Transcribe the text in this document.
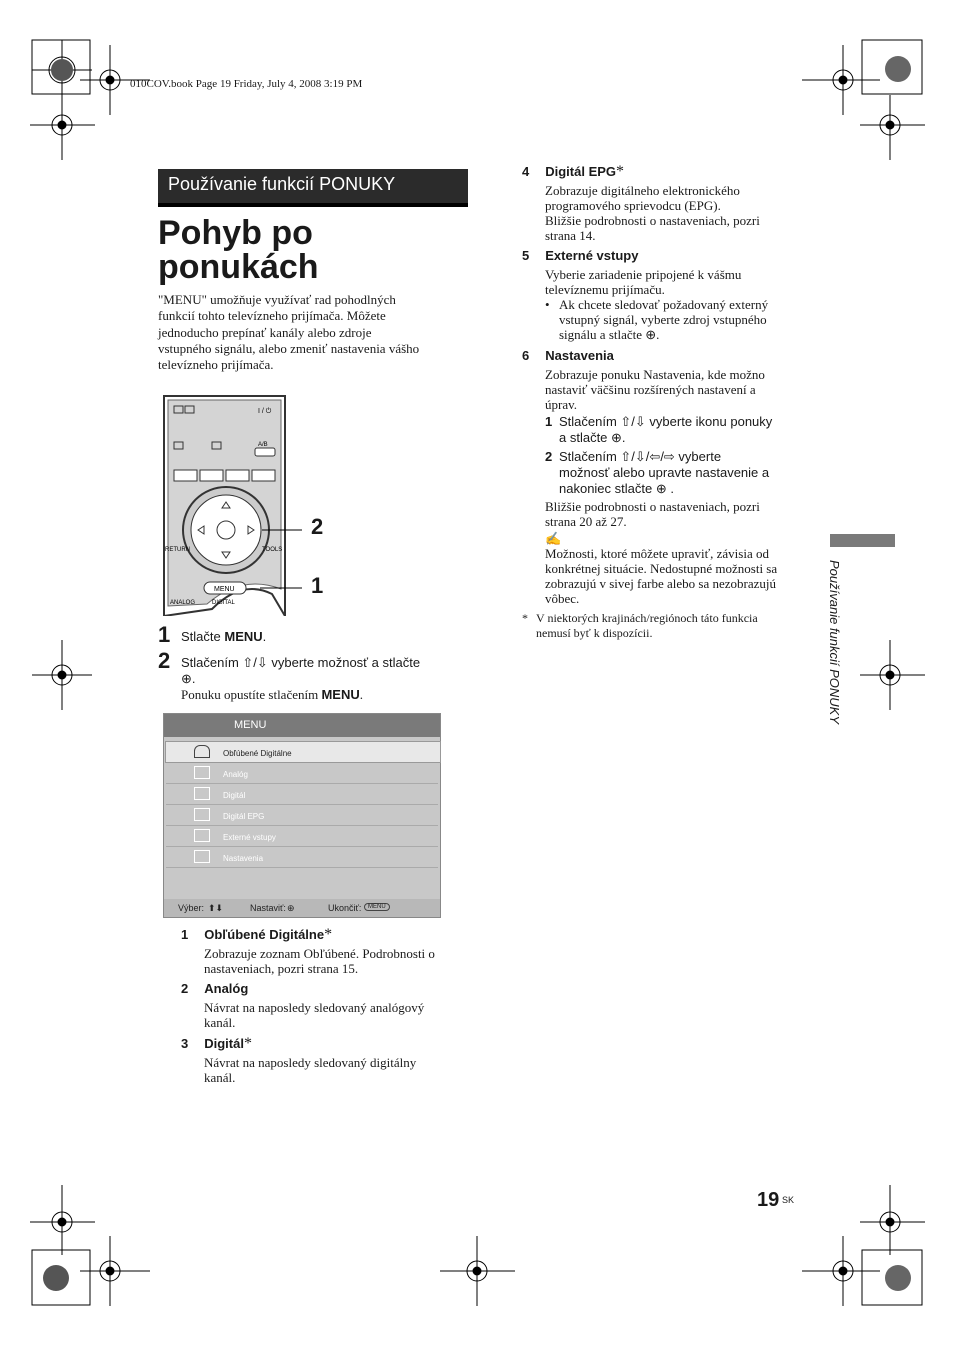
010COV.book Page 19 Friday, July 4, 2008 3:19 PM
Používanie funkcií PONUKY
Pohyb po
ponukách
"MENU" umožňuje využívať rad pohodlných
funkcií tohto televízneho prijímača. Môžete
jednoducho prepínať kanály alebo zdroje
vstupného signálu, alebo zmeniť nastavenia vášho
televízneho prijímača.
MENU
RETURN	TOOLS
A/B
I / ⏻
ANALOG	DIGITAL
2
1
1 Stlačte MENU.
2 Stlačením ⇧/⇩ vyberte možnosť a stlačte
⊕.
Ponuku opustíte stlačením MENU.
MENU
Obľúbené Digitálne
Analóg
Digitál
Digitál EPG
Externé vstupy
Nastavenia
Výber: ⬆⬇	Nastaviť: ⊕	Ukončiť:	MENU
1 Obľúbené Digitálne*
Zobrazuje zoznam Obľúbené. Podrobnosti o
nastaveniach, pozri strana 15.
2 Analóg
Návrat na naposledy sledovaný analógový
kanál.
3 Digitál*
Návrat na naposledy sledovaný digitálny
kanál.
4 Digitál EPG*
Zobrazuje digitálneho elektronického
programového sprievodcu (EPG).
Bližšie podrobnosti o nastaveniach, pozri
strana 14.
5 Externé vstupy
Vyberie zariadenie pripojené k vášmu
televíznemu prijímaču.
• Ak chcete sledovať požadovaný externý
vstupný signál, vyberte zdroj vstupného
signálu a stlačte ⊕.
6 Nastavenia
Zobrazuje ponuku Nastavenia, kde možno
nastaviť väčšinu rozšírených nastavení a
úprav.
1 Stlačením ⇧/⇩ vyberte ikonu ponuky
a stlačte ⊕.
2 Stlačením ⇧/⇩/⇦/⇨ vyberte
možnosť alebo upravte nastavenie a
nakoniec stlačte ⊕ .
Bližšie podrobnosti o nastaveniach, pozri
strana 20 až 27.
✍
Možnosti, ktoré môžete upraviť, závisia od
konkrétnej situácie. Nedostupné možnosti sa
zobrazujú v sivej farbe alebo sa nezobrazujú
vôbec.
* V niektorých krajinách/regiónoch táto funkcia
nemusí byť k dispozícii.	Používanie funkcií PONUKY
19 SK
